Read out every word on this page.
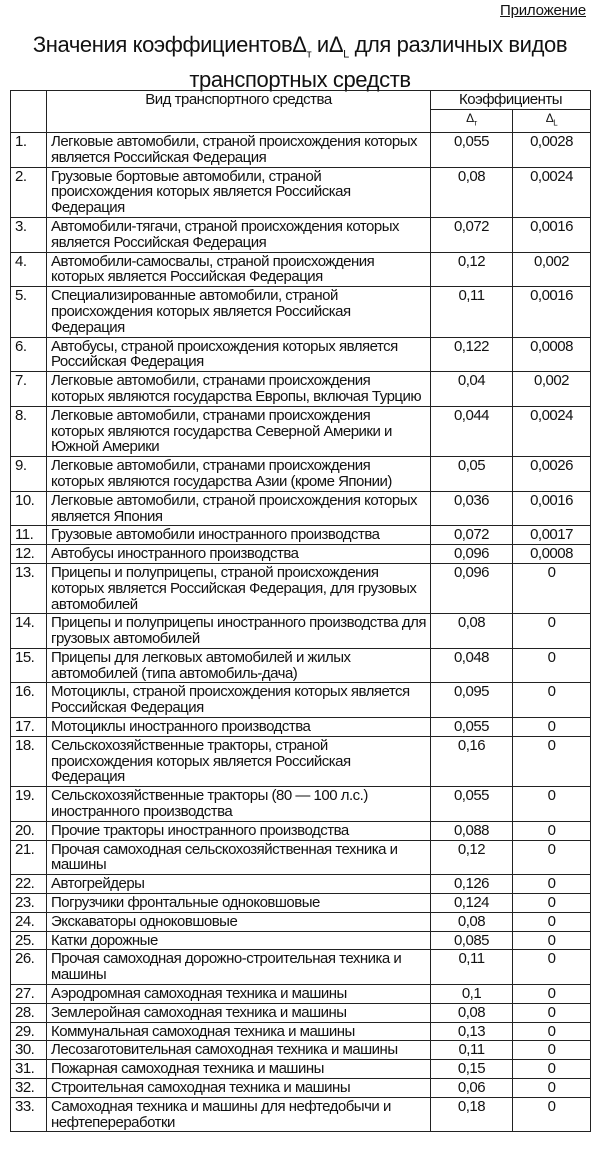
Приложение
Значения коэффициентовΔ$_т$ $и\Delta_L$ для различных видов транспортных средств
	Вид транспортного средства	Коэффициенты	
		$\Delta_т$	$\Delta_L$
1.	Легковые автомобили, страной происхождения которых является Российская Федерация	0,055	0,0028
2.	Грузовые бортовые автомобили, страной происхождения которых является Российская Федерация	0,08	0,0024
3.	Автомобили-тягачи, страной происхождения которых является Российская Федерация	0,072	0,0016
4.	Автомобили-самосвалы, страной происхождения которых является Российская Федерация	0,12	0,002
5.	Специализированные автомобили, страной происхождения которых является Российская Федерация	0,11	0,0016
6.	Автобусы, страной происхождения которых является Российская Федерация	0,122	0,0008
7.	Легковые автомобили, странами происхождения которых являются государства Европы, включая Турцию	0,04	0,002
8.	Легковые автомобили, странами происхождения которых являются государства Северной Америки и Южной Америки	0,044	0,0024
9.	Легковые автомобили, странами происхождения которых являются государства Азии (кроме Японии)	0,05	0,0026
10.	Легковые автомобили, страной происхождения которых является Япония	0,036	0,0016
11.	Грузовые автомобили иностранного производства	0,072	0,0017
12.	Автобусы иностранного производства	0,096	0,0008
13.	Прицепы и полуприцепы, страной происхождения которых является Российская Федерация, для грузовых автомобилей	0,096	0
14.	Прицепы и полуприцепы иностранного производства для грузовых автомобилей	0,08	0
15.	Прицепы для легковых автомобилей и жилых автомобилей (типа автомобиль-дача)	0,048	0
16.	Мотоциклы, страной происхождения которых является Российская Федерация	0,095	0
17.	Мотоциклы иностранного производства	0,055	0
18.	Сельскохозяйственные тракторы, страной происхождения которых является Российская Федерация	0,16	0
19.	Сельскохозяйственные тракторы (80 — 100 л.с.) иностранного производства	0,055	0
20.	Прочие тракторы иностранного производства	0,088	0
21.	Прочая самоходная сельскохозяйственная техника и машины	0,12	0
22.	Автогрейдеры	0,126	0
23.	Погрузчики фронтальные одноковшовые	0,124	0
24.	Экскаваторы одноковшовые	0,08	0
25.	Катки дорожные	0,085	0
26.	Прочая самоходная дорожно-строительная техника и машины	0,11	0
27.	Аэродромная самоходная техника и машины	0,1	0
28.	Землеройная самоходная техника и машины	0,08	0
29.	Коммунальная самоходная техника и машины	0,13	0
30.	Лесозаготовительная самоходная техника и машины	0,11	0
31.	Пожарная самоходная техника и машины	0,15	0
32.	Строительная самоходная техника и машины	0,06	0
33.	Самоходная техника и машины для нефтедобычи и нефтепереработки	0,18	0
